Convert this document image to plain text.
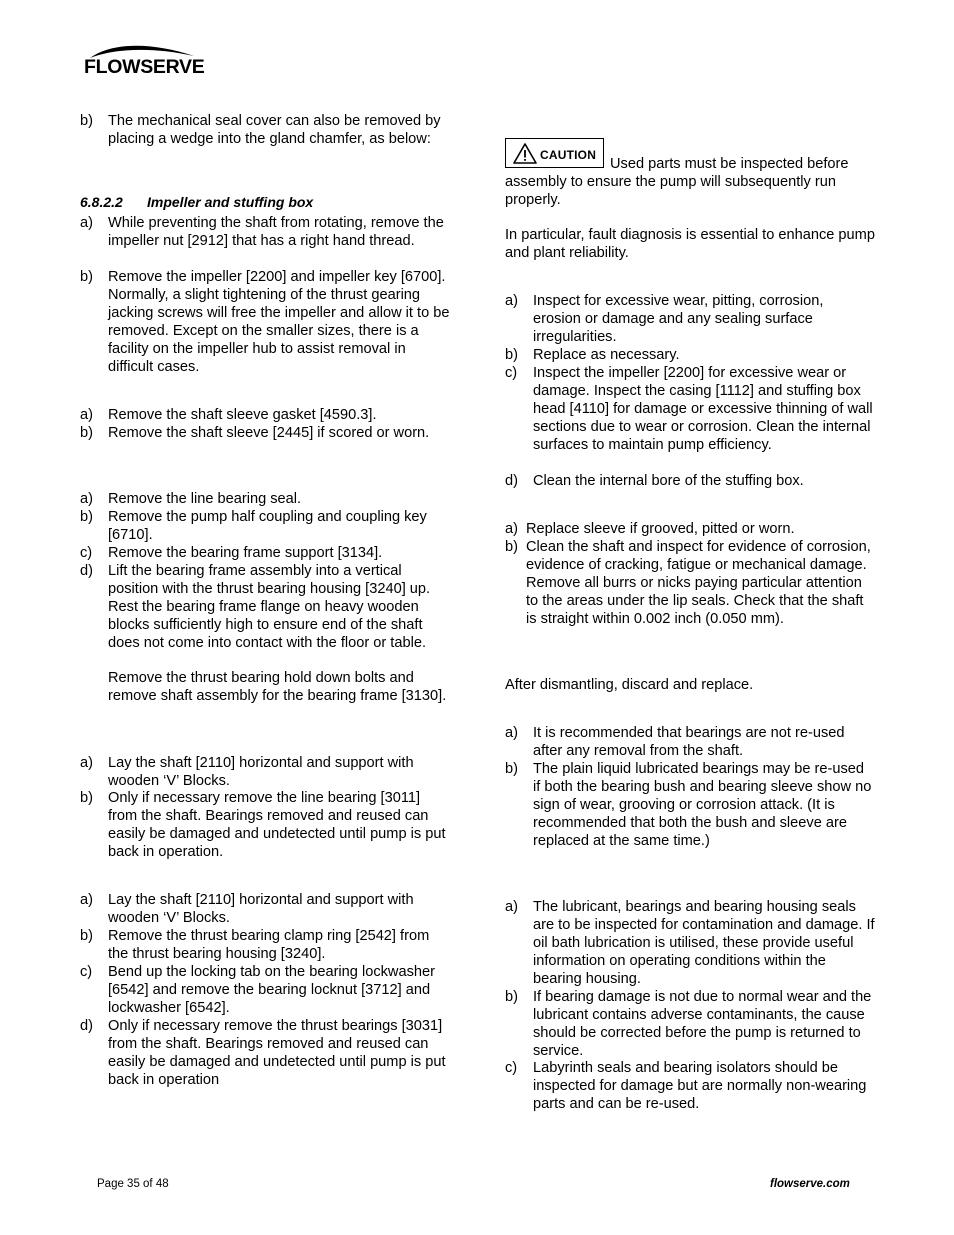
FLOWSERVE
b) The mechanical seal cover can also be removed by placing a wedge into the gland chamfer, as below:
a) While preventing the shaft from rotating, remove the impeller nut [2912] that has a right hand thread.
b) Remove the impeller [2200] and impeller key [6700]. Normally, a slight tightening of the thrust gearing jacking screws will free the impeller and allow it to be removed. Except on the smaller sizes, there is a facility on the impeller hub to assist removal in difficult cases.
a) Remove the shaft sleeve gasket [4590.3].
b) Remove the shaft sleeve [2445] if scored or worn.
a) Remove the line bearing seal.
b) Remove the pump half coupling and coupling key [6710].
c) Remove the bearing frame support [3134].
d) Lift the bearing frame assembly into a vertical position with the thrust bearing housing [3240] up. Rest the bearing frame flange on heavy wooden blocks sufficiently high to ensure end of the shaft does not come into contact with the floor or table.
Remove the thrust bearing hold down bolts and remove shaft assembly for the bearing frame [3130].
a) Lay the shaft [2110] horizontal and support with wooden ‘V’ Blocks.
b) Only if necessary remove the line bearing [3011] from the shaft. Bearings removed and reused can easily be damaged and undetected until pump is put back in operation.
a) Lay the shaft [2110] horizontal and support with wooden ‘V’ Blocks.
b) Remove the thrust bearing clamp ring [2542] from the thrust bearing housing [3240].
c) Bend up the locking tab on the bearing lockwasher [6542] and remove the bearing locknut [3712] and lockwasher [6542].
d) Only if necessary remove the thrust bearings [3031] from the shaft. Bearings removed and reused can easily be damaged and undetected until pump is put back in operation
6.8.2.2 Impeller and stuffing box
CAUTION
Used parts must be inspected before assembly to ensure the pump will subsequently run properly.
a) Inspect for excessive wear, pitting, corrosion, erosion or damage and any sealing surface irregularities.
b) Replace as necessary.
c) Inspect the impeller [2200] for excessive wear or damage. Inspect the casing [1112] and stuffing box head [4110] for damage or excessive thinning of wall sections due to wear or corrosion. Clean the internal surfaces to maintain pump efficiency.
d) Clean the internal bore of the stuffing box.
a) Replace sleeve if grooved, pitted or worn.
b) Clean the shaft and inspect for evidence of corrosion, evidence of cracking, fatigue or mechanical damage. Remove all burrs or nicks paying particular attention to the areas under the lip seals. Check that the shaft is straight within 0.002 inch (0.050 mm).
a) It is recommended that bearings are not re-used after any removal from the shaft.
b) The plain liquid lubricated bearings may be re-used if both the bearing bush and bearing sleeve show no sign of wear, grooving or corrosion attack. (It is recommended that both the bush and sleeve are replaced at the same time.)
a) The lubricant, bearings and bearing housing seals are to be inspected for contamination and damage. If oil bath lubrication is utilised, these provide useful information on operating conditions within the bearing housing.
b) If bearing damage is not due to normal wear and the lubricant contains adverse contaminants, the cause should be corrected before the pump is returned to service.
c) Labyrinth seals and bearing isolators should be inspected for damage but are normally non-wearing parts and can be re-used.
In particular, fault diagnosis is essential to enhance pump and plant reliability.
After dismantling, discard and replace.
Page 35 of 48	flowserve.com
